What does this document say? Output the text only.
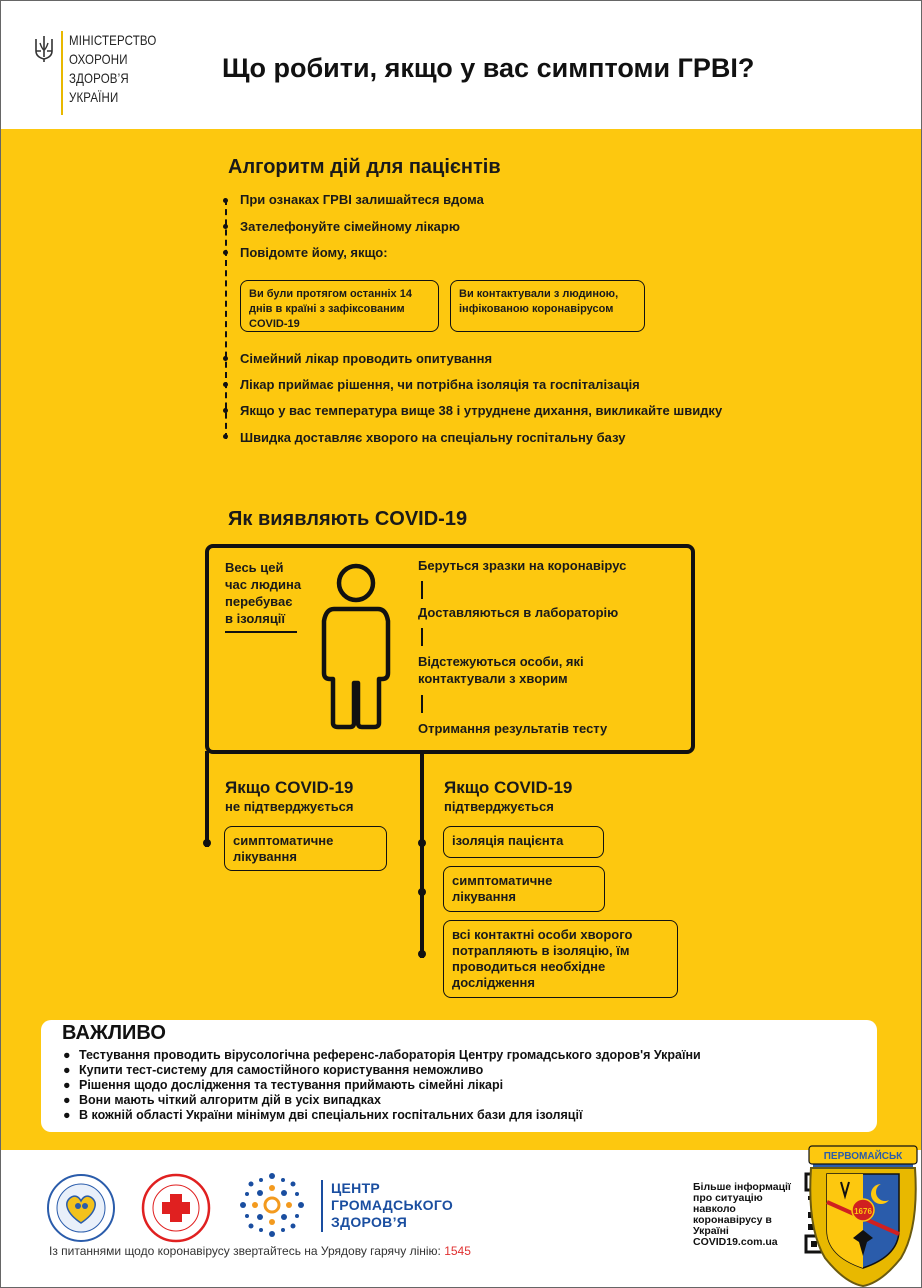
МІНІСТЕРСТВО
ОХОРОНИ
ЗДОРОВ’Я
УКРАЇНИ
Що робити, якщо у вас симптоми ГРВІ?
Алгоритм дій для пацієнтів
При ознаках ГРВІ залишайтеся вдома
Зателефонуйте сімейному лікарю
Повідомте йому, якщо:
Ви були протягом останніх 14 днів в країні з зафіксованим COVID-19
Ви контактували з людиною, інфікованою коронавірусом
Сімейний лікар проводить опитування
Лікар приймає рішення, чи потрібна ізоляція та госпіталізація
Якщо у вас температура вище 38 і утруднене дихання, викликайте швидку
Швидка доставляє хворого на спеціальну госпітальну базу
Як виявляють COVID-19
Весь цей
час людина
перебуває
в ізоляції
Беруться зразки на коронавірус
Доставляються в лабораторію
Відстежуються особи, які контактували з хворим
Отримання результатів тесту
Якщо COVID-19
не підтверджується
симптоматичне лікування
Якщо COVID-19
підтверджується
ізоляція пацієнта
симптоматичне лікування
всі контактні особи хворого потрапляють в ізоляцію, їм проводиться необхідне дослідження
ВАЖЛИВО
● Тестування проводить вірусологічна референс-лабораторія Центру громадського здоров'я України
● Купити тест-систему для самостійного користування неможливо
● Рішення щодо дослідження та тестування приймають сімейні лікарі
● Вони мають чіткий алгоритм дій в усіх випадках
● В кожній області України мінімум дві спеціальних госпітальних бази для ізоляції
ЦЕНТР
ГРОМАДСЬКОГО
ЗДОРОВ’Я
Із питаннями щодо коронавірусу звертайтесь на Урядову гарячу лінію: 1545
Більше інформації про ситуацію навколо коронавірусу в Україні COVID19.com.ua
ПЕРВОМАЙСЬК
1676
